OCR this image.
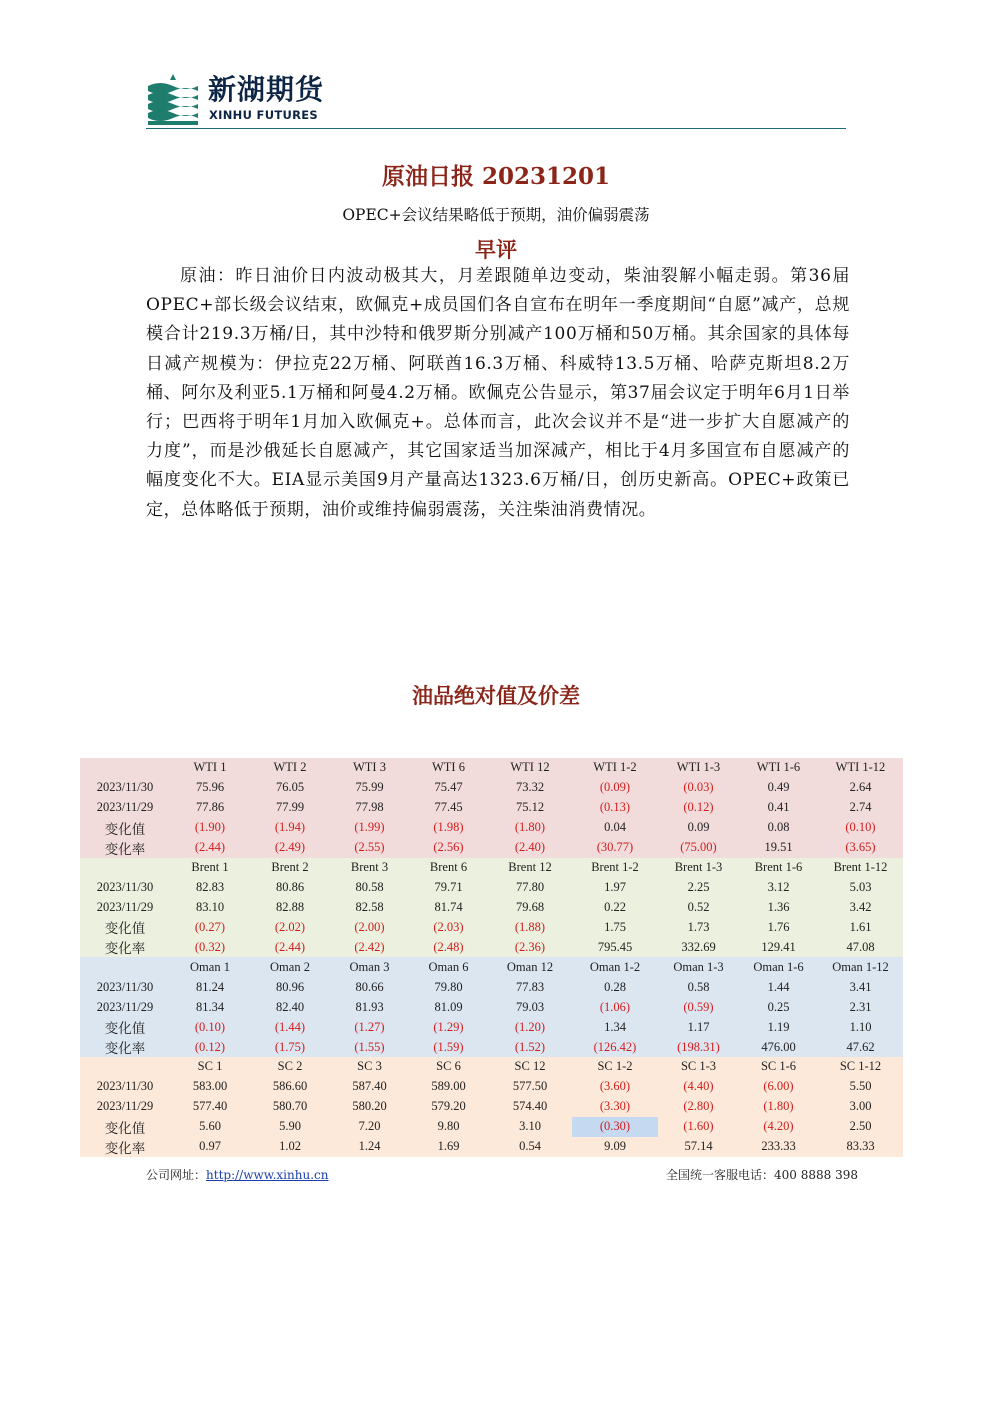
新湖期货
XINHU FUTURES
原油日报 20231201
OPEC+会议结果略低于预期，油价偏弱震荡
早评

原油：昨日油价日内波动极其大，月差跟随单边变动，柴油裂解小幅走弱。第36届OPEC+部长级会议结束，欧佩克+成员国们各自宣布在明年一季度期间“自愿”减产，总规模合计219.3万桶/日，其中沙特和俄罗斯分别减产100万桶和50万桶。其余国家的具体每日减产规模为：伊拉克22万桶、阿联酋16.3万桶、科威特13.5万桶、哈萨克斯坦8.2万桶、阿尔及利亚5.1万桶和阿曼4.2万桶。欧佩克公告显示，第37届会议定于明年6月1日举行；巴西将于明年1月加入欧佩克+。总体而言，此次会议并不是“进一步扩大自愿减产的力度”，而是沙俄延长自愿减产，其它国家适当加深减产，相比于4月多国宣布自愿减产的幅度变化不大。EIA显示美国9月产量高达1323.6万桶/日，创历史新高。OPEC+政策已定，总体略低于预期，油价或维持偏弱震荡，关注柴油消费情况。

油品绝对值及价差
	WTI 1	WTI 2	WTI 3	WTI 6	WTI 12	WTI 1-2	WTI 1-3	WTI 1-6	WTI 1-12
2023/11/30	75.96	76.05	75.99	75.47	73.32	(0.09)	(0.03)	0.49	2.64
2023/11/29	77.86	77.99	77.98	77.45	75.12	(0.13)	(0.12)	0.41	2.74
变化值	(1.90)	(1.94)	(1.99)	(1.98)	(1.80)	0.04	0.09	0.08	(0.10)
变化率	(2.44)	(2.49)	(2.55)	(2.56)	(2.40)	(30.77)	(75.00)	19.51	(3.65)
	Brent 1	Brent 2	Brent 3	Brent 6	Brent 12	Brent 1-2	Brent 1-3	Brent 1-6	Brent 1-12
2023/11/30	82.83	80.86	80.58	79.71	77.80	1.97	2.25	3.12	5.03
2023/11/29	83.10	82.88	82.58	81.74	79.68	0.22	0.52	1.36	3.42
变化值	(0.27)	(2.02)	(2.00)	(2.03)	(1.88)	1.75	1.73	1.76	1.61
变化率	(0.32)	(2.44)	(2.42)	(2.48)	(2.36)	795.45	332.69	129.41	47.08
	Oman 1	Oman 2	Oman 3	Oman 6	Oman 12	Oman 1-2	Oman 1-3	Oman 1-6	Oman 1-12
2023/11/30	81.24	80.96	80.66	79.80	77.83	0.28	0.58	1.44	3.41
2023/11/29	81.34	82.40	81.93	81.09	79.03	(1.06)	(0.59)	0.25	2.31
变化值	(0.10)	(1.44)	(1.27)	(1.29)	(1.20)	1.34	1.17	1.19	1.10
变化率	(0.12)	(1.75)	(1.55)	(1.59)	(1.52)	(126.42)	(198.31)	476.00	47.62
	SC 1	SC 2	SC 3	SC 6	SC 12	SC 1-2	SC 1-3	SC 1-6	SC 1-12
2023/11/30	583.00	586.60	587.40	589.00	577.50	(3.60)	(4.40)	(6.00)	5.50
2023/11/29	577.40	580.70	580.20	579.20	574.40	(3.30)	(2.80)	(1.80)	3.00
变化值	5.60	5.90	7.20	9.80	3.10	(0.30)	(1.60)	(4.20)	2.50
变化率	0.97	1.02	1.24	1.69	0.54	9.09	57.14	233.33	83.33
公司网址：http://www.xinhu.cn	全国统一客服电话：400 8888 398
